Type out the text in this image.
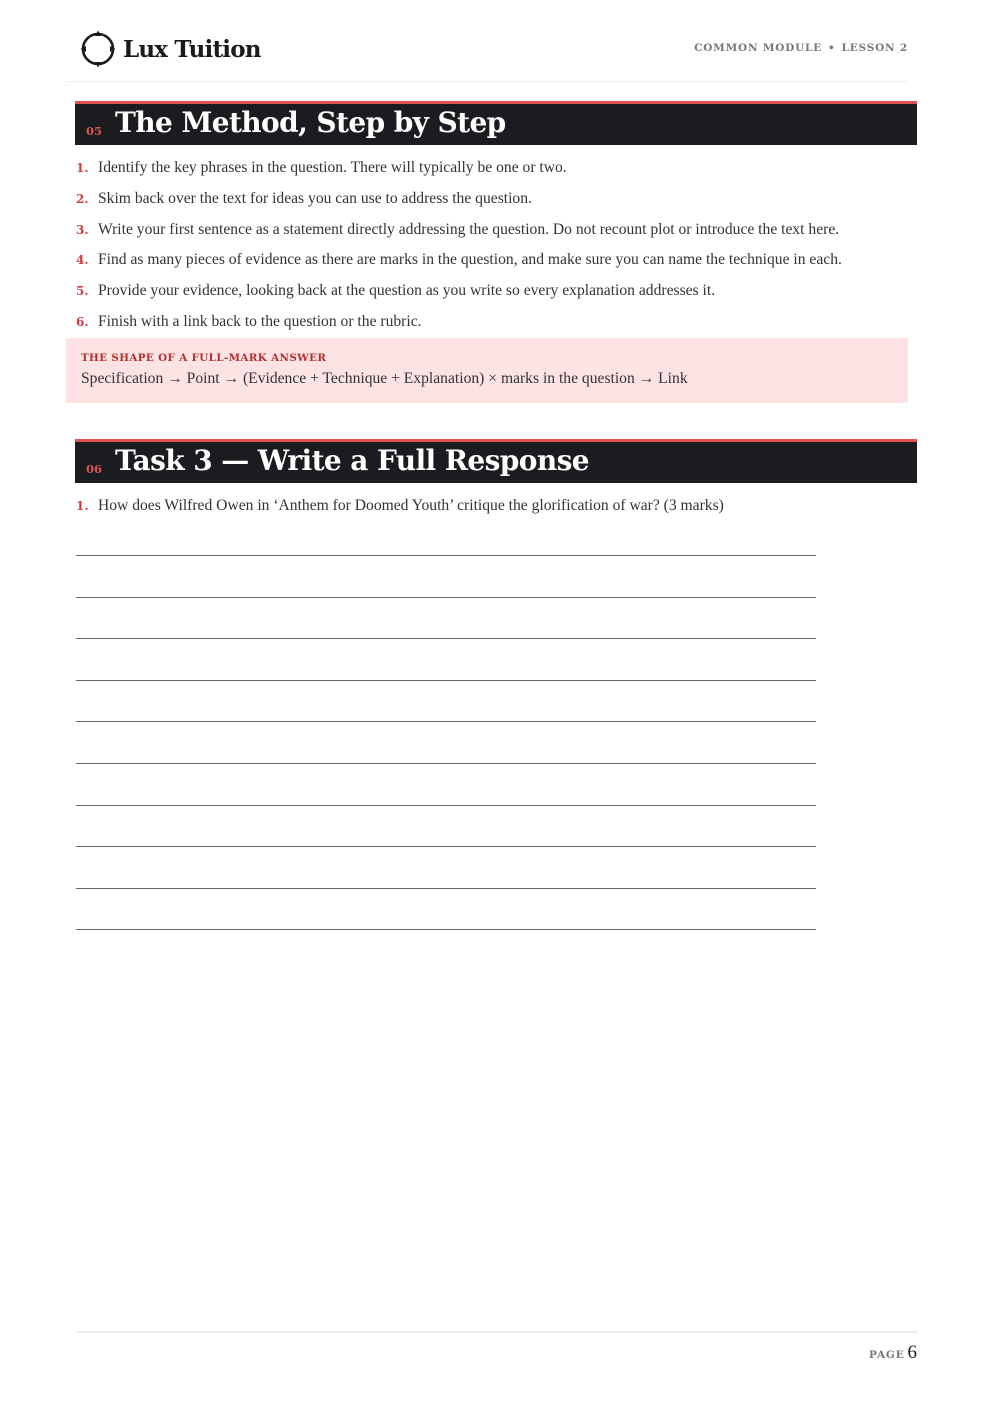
Lux Tuition	COMMON MODULE • LESSON 2
05 The Method, Step by Step
1. Identify the key phrases in the question. There will typically be one or two.
2. Skim back over the text for ideas you can use to address the question.
3. Write your first sentence as a statement directly addressing the question. Do not recount plot or introduce the text here.
4. Find as many pieces of evidence as there are marks in the question, and make sure you can name the technique in each.
5. Provide your evidence, looking back at the question as you write so every explanation addresses it.
6. Finish with a link back to the question or the rubric.
THE SHAPE OF A FULL-MARK ANSWER
Specification → Point → (Evidence + Technique + Explanation) × marks in the question → Link
06 Task 3 — Write a Full Response
1. How does Wilfred Owen in ‘Anthem for Doomed Youth’ critique the glorification of war? (3 marks)
PAGE 6
